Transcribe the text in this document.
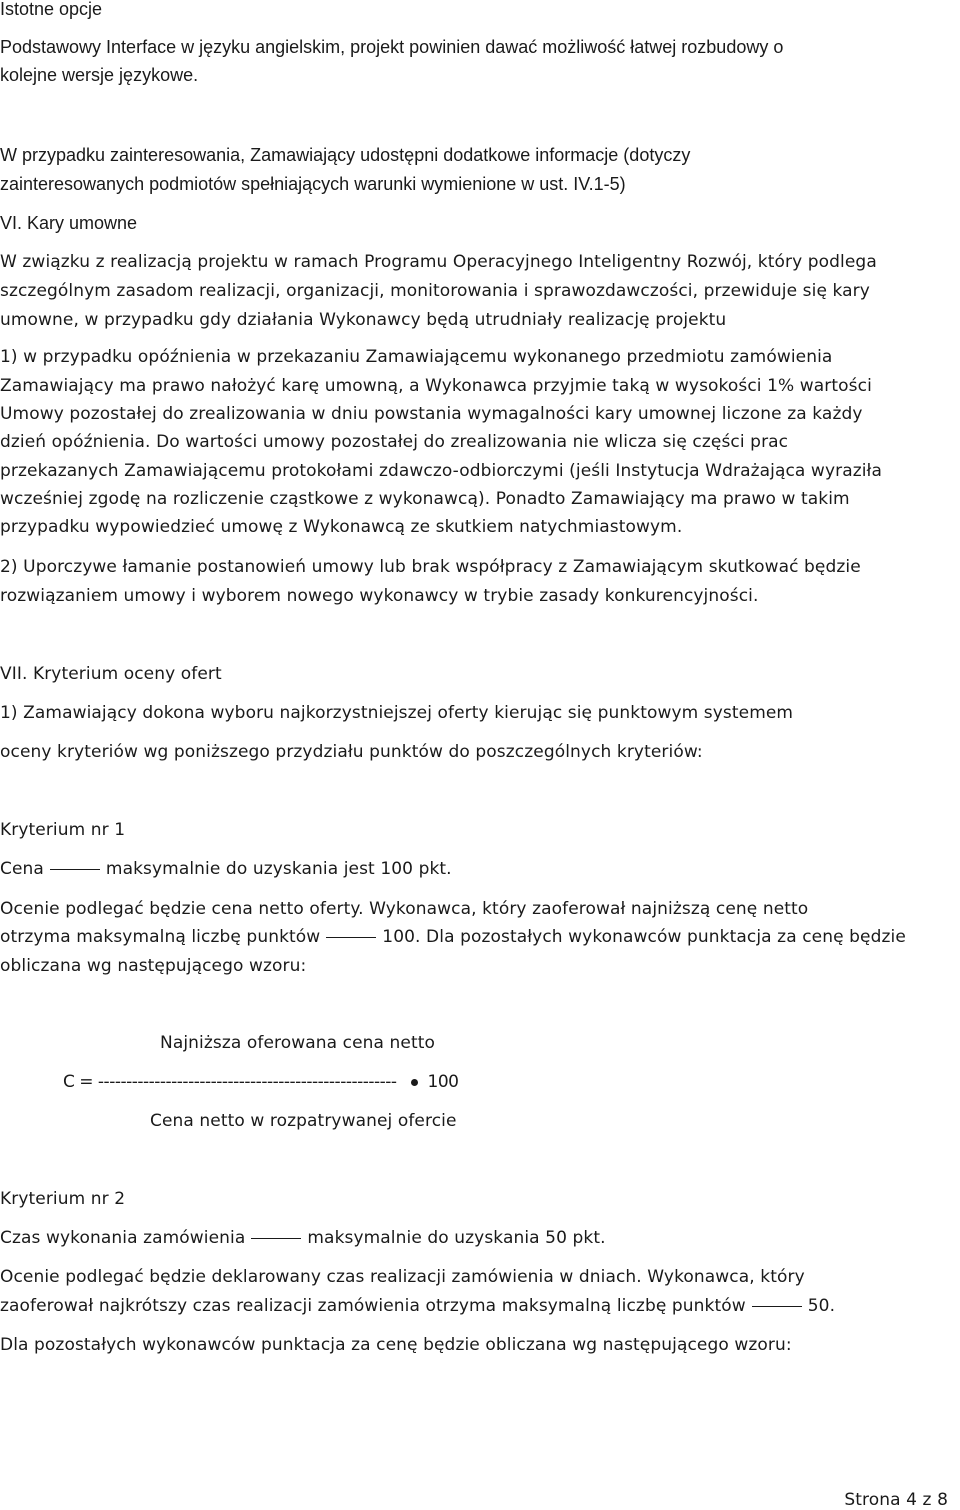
Istotne opcje
Podstawowy Interface w języku angielskim, projekt powinien dawać możliwość łatwej rozbudowy o
kolejne wersje językowe.
W przypadku zainteresowania, Zamawiający udostępni dodatkowe informacje (dotyczy
zainteresowanych podmiotów spełniających warunki wymienione w ust. IV.1-5)
VI. Kary umowne
W związku z realizacją projektu w ramach Programu Operacyjnego Inteligentny Rozwój, który podlega
szczególnym zasadom realizacji, organizacji, monitorowania i sprawozdawczości, przewiduje się kary
umowne, w przypadku gdy działania Wykonawcy będą utrudniały realizację projektu
1) w przypadku opóźnienia w przekazaniu Zamawiającemu wykonanego przedmiotu zamówienia
Zamawiający ma prawo nałożyć karę umowną, a Wykonawca przyjmie taką w wysokości 1% wartości
Umowy pozostałej do zrealizowania w dniu powstania wymagalności kary umownej liczone za każdy
dzień opóźnienia. Do wartości umowy pozostałej do zrealizowania nie wlicza się części prac
przekazanych Zamawiającemu protokołami zdawczo-odbiorczymi (jeśli Instytucja Wdrażająca wyraziła
wcześniej zgodę na rozliczenie cząstkowe z wykonawcą). Ponadto Zamawiający ma prawo w takim
przypadku wypowiedzieć umowę z Wykonawcą ze skutkiem natychmiastowym.
2) Uporczywe łamanie postanowień umowy lub brak współpracy z Zamawiającym skutkować będzie
rozwiązaniem umowy i wyborem nowego wykonawcy w trybie zasady konkurencyjności.
VII. Kryterium oceny ofert
1) Zamawiający dokona wyboru najkorzystniejszej oferty kierując się punktowym systemem
oceny kryteriów wg poniższego przydziału punktów do poszczególnych kryteriów:
Kryterium nr 1
Cena	maksymalnie do uzyskania jest 100 pkt.
Ocenie podlegać będzie cena netto oferty. Wykonawca, który zaoferował najniższą cenę netto
otrzyma maksymalną liczbę punktów	100. Dla pozostałych wykonawców punktacja za cenę będzie
obliczana wg następującego wzoru:
Najniższa oferowana cena netto
C = ----------------------------------------------------- 100
Cena netto w rozpatrywanej ofercie
Kryterium nr 2
Czas wykonania zamówienia	maksymalnie do uzyskania 50 pkt.
Ocenie podlegać będzie deklarowany czas realizacji zamówienia w dniach. Wykonawca, który
zaoferował najkrótszy czas realizacji zamówienia otrzyma maksymalną liczbę punktów	50.
Dla pozostałych wykonawców punktacja za cenę będzie obliczana wg następującego wzoru:
Strona 4 z 8
